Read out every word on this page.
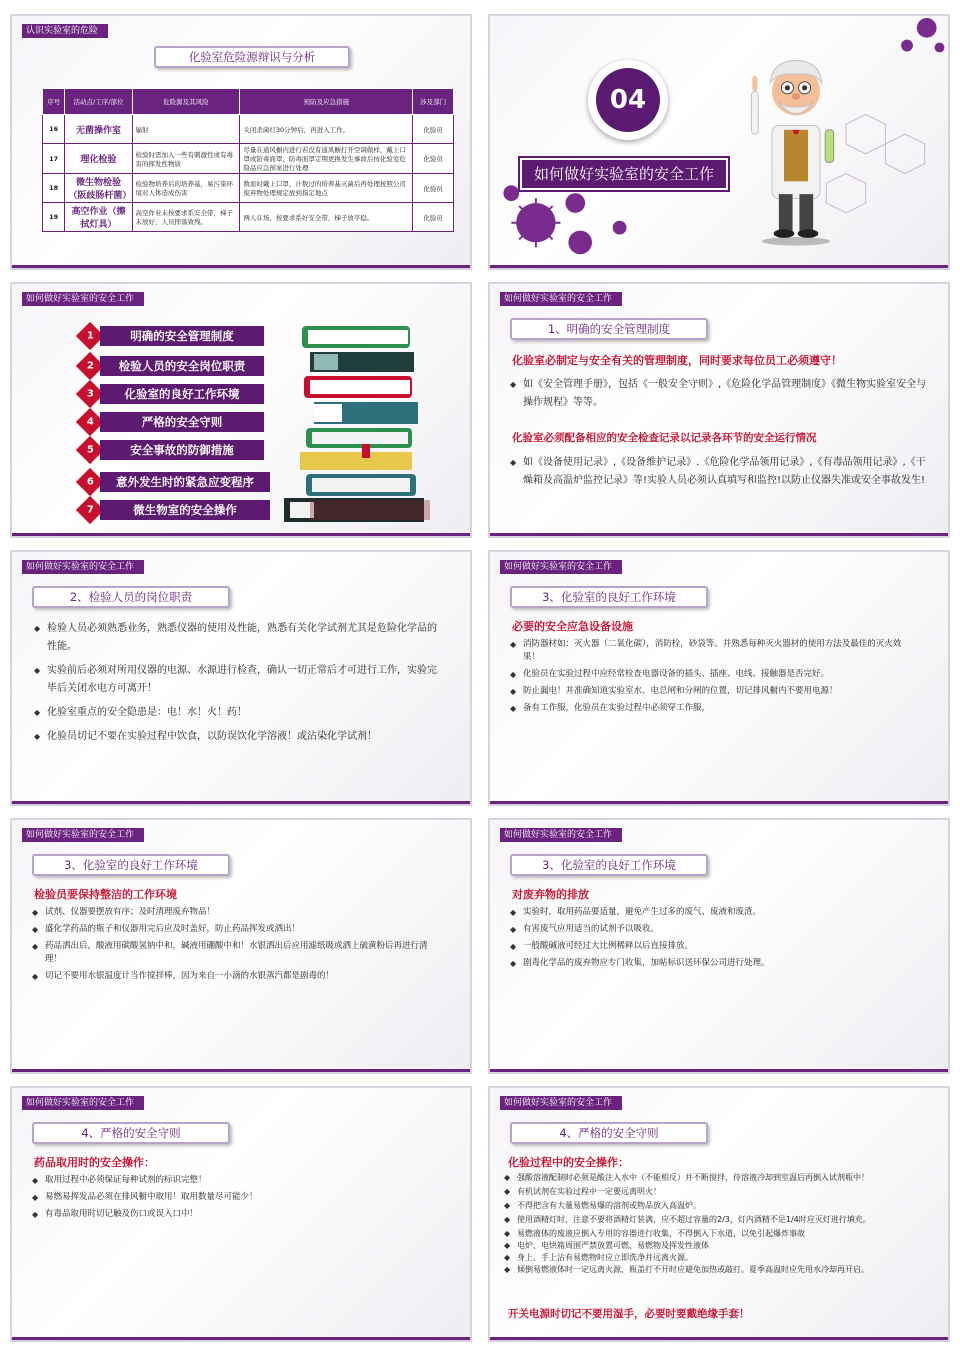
认识实验室的危险
化验室危险源辩识与分析
序号	活动点/工序/部位	危险源及其风险	预防及应急措施	涉及部门
16	无菌操作室	辐射	关闭杀菌灯30分钟后，再进入工作。	化验员
17	理化检验	检验时需加入一些有刺激性或有毒害的挥发性物质	尽量在通风橱内进行若没有通风橱打开空调做样，戴上口罩或防毒面罩，防毒面罩定期更换发生事故后按化验室危险品应急预案进行处理	化验员
18	微生物检验（阪歧肠杆菌）	检验物培养后的培养基，易污染环境对人体造成伤害	数皿时戴上口罩，计数过的培养基灭菌后再处理按照公司废弃物处理规定放到指定地点	化验员
19	高空作业（擦拭灯具）	高空作业未按要求系安全带，梯子未放好，人员摔落致残。	两人在场，按要求系好安全带，梯子放平稳。	化验员
04
如何做好实验室的安全工作
如何做好实验室的安全工作
1	明确的安全管理制度
2	检验人员的安全岗位职责
3	化验室的良好工作环境
4	严格的安全守则
5	安全事故的防御措施
6	意外发生时的紧急应变程序
7	微生物室的安全操作
如何做好实验室的安全工作
1、明确的安全管理制度
化验室必制定与安全有关的管理制度，同时要求每位员工必须遵守！
◆ 如《安全管理手册》，包括《一般安全守则》,《危险化学品管理制度》《微生物实验室安全与操作规程》等等。
化验室必须配备相应的安全检查记录以记录各环节的安全运行情况
◆ 如《设备使用记录》,《设备维护记录》.《危险化学品领用记录》,《有毒品领用记录》,《干燥箱及高温炉监控记录》等!实验人员必须认真填写和监控!以防止仪器失准或安全事故发生!
如何做好实验室的安全工作
2、检验人员的岗位职责
◆ 检验人员必须熟悉业务，熟悉仪器的使用及性能，熟悉有关化学试剂尤其是危险化学品的性能。
◆ 实验前后必须对所用仪器的电源、水源进行检查，确认一切正常后才可进行工作，实验完毕后关闭水电方可离开！
◆ 化验室重点的安全隐患是：电！水！火！药！
◆ 化验员切记不要在实验过程中饮食，以防误饮化学溶液！或沾染化学试剂！
如何做好实验室的安全工作
3、化验室的良好工作环境
必要的安全应急设备设施
◆ 消防器材如：灭火器（二氧化碳），消防栓，砂袋等。并熟悉每种灭火器材的使用方法及最佳的灭火效果！
◆ 化验员在实验过程中应经常检查电器设备的插头、插座、电线、接触器是否完好。
◆ 防止漏电！并准确知道实验室水、电总闸和分闸的位置，切记排风橱内不要用电源！
◆ 备有工作服，化验员在实验过程中必须穿工作服，
如何做好实验室的安全工作
3、化验室的良好工作环境
检验员要保持整洁的工作环境
◆ 试剂、仪器要摆放有序；及时清理废弃物品！
◆ 盛化学药品的瓶子和仪器用完后应及时盖好，防止药品挥发或洒出！
◆ 药品洒出后，酸液用碳酸氢钠中和，碱液用硼酸中和！水银洒出后应用滤纸吸或洒上硫黄粉后再进行清理！
◆ 切记不要用水银温度计当作搅拌棒，因为来自一小滴的水银蒸汽都是剧毒的！
如何做好实验室的安全工作
3、化验室的良好工作环境
对废弃物的排放
◆ 实验时，取用药品要适量，避免产生过多的废气、废液和废渣。
◆ 有害废气应用适当的试剂予以吸收。
◆ 一般酸碱液可经过大比例稀释以后直接排放。
◆ 剧毒化学品的废弃物应专门收集，加帖标识送环保公司进行处理。
如何做好实验室的安全工作
4、严格的安全守则
药品取用时的安全操作：
◆ 取用过程中必须保证每种试剂的标识完整！
◆ 易燃易挥发品必须在排风橱中取用！取用数量尽可能少！
◆ 有毒品取用时切记触及伤口或误入口中！
如何做好实验室的安全工作
4、严格的安全守则
化验过程中的安全操作：
◆ 强酸溶液配制时必须是酸注入水中（不能相反）并不断搅拌，待溶液冷却到室温后再倒入试剂瓶中！
◆ 有机试剂在实验过程中一定要远离明火！
◆ 不得把含有大量易燃易爆的溶剂或物品放入高温炉。
◆ 使用酒精灯时，注意不要将酒精灯装满，应不超过容量的2/3，灯内酒精不足1/4时应灭灯进行填充。
◆ 易燃液体的废液应倒入专用的容器进行收集，不得倒入下水道，以免引起爆炸事故
◆ 电炉、电烘箱周围严禁放置可燃、易燃物及挥发性液体
◆ 身上、手上沾有易燃物时应立即洗净并远离火源。
◆ 倾倒易燃液体时一定远离火源，瓶盖打不开时应避免加热或敲打。夏季高温时应先用水冷却再开启。
开关电源时切记不要用湿手，必要时要戴绝缘手套！
